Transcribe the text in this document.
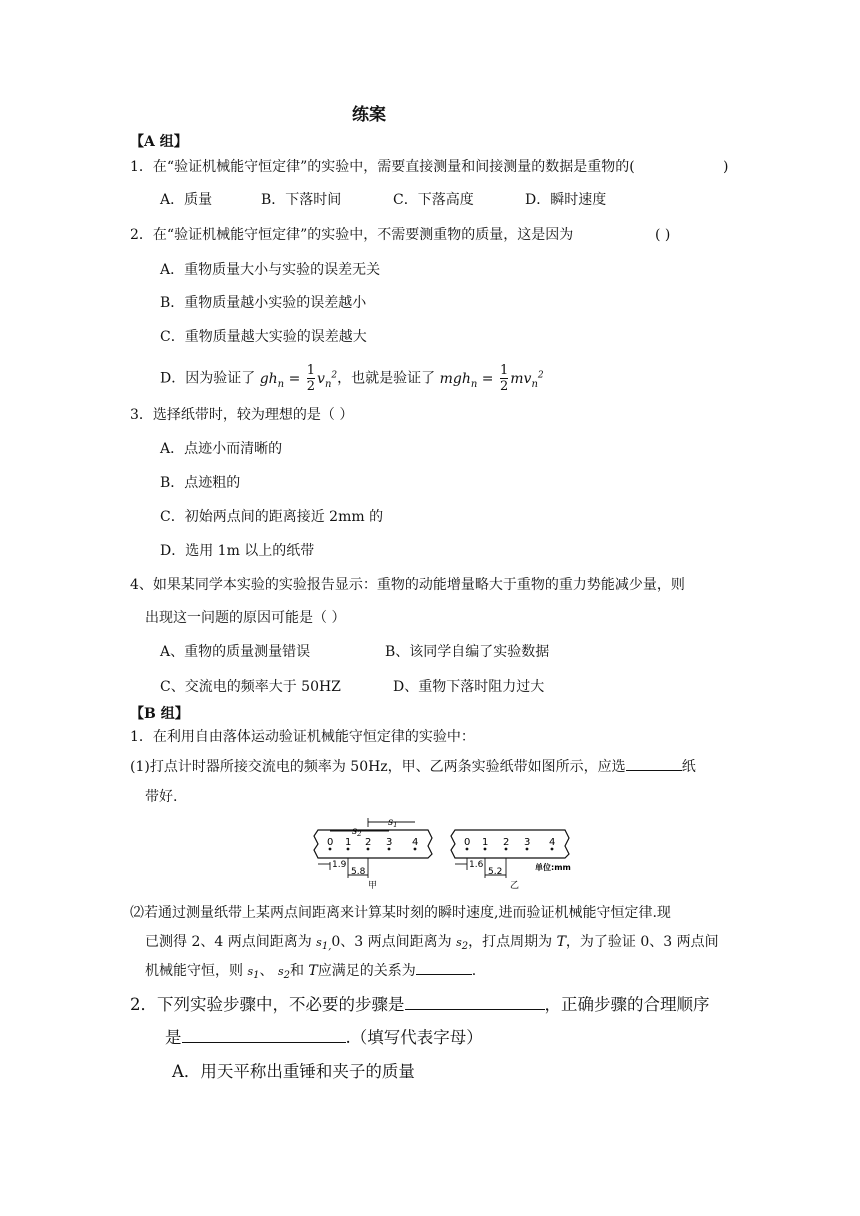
练案
【A 组】
1．在“验证机械能守恒定律”的实验中，需要直接测量和间接测量的数据是重物的(	)
A．质量	B．下落时间	C．下落高度	D．瞬时速度
2．在“验证机械能守恒定律”的实验中，不需要测重物的质量，这是因为	( )
A．重物质量大小与实验的误差无关
B．重物质量越小实验的误差越小
C．重物质量越大实验的误差越大
D．因为验证了 $gh_n = \frac{1}{2} v_n^2$，也就是验证了 $mgh_n = \frac{1}{2} mv_n^2$
3．选择纸带时，较为理想的是（ ）
A．点迹小而清晰的
B．点迹粗的
C．初始两点间的距离接近 2mm 的
D．选用 1m 以上的纸带
4、如果某同学本实验的实验报告显示：重物的动能增量略大于重物的重力势能减少量，则
出现这一问题的原因可能是（ ）
A、重物的质量测量错误	B、该同学自编了实验数据
C、交流电的频率大于 50HZ	D、重物下落时阻力过大
【B 组】
1．在利用自由落体运动验证机械能守恒定律的实验中：
(1)打点计时器所接交流电的频率为 50Hz，甲、乙两条实验纸带如图所示，应选	纸
带好.
0 1 2 3 4
$s_1$
$s_2$
1.9
5.8
甲
0 1 2 3 4
1.6
5.2	单位:mm
乙
⑵若通过测量纸带上某两点间距离来计算某时刻的瞬时速度,进而验证机械能守恒定律.现
已测得 2、4 两点间距离为 $s_{1,}0$、3 两点间距离为 $s_2$，打点周期为 T，为了验证 0、3 两点间
机械能守恒，则 $s_1$、 $s_2$和 T应满足的关系为	.
2．下列实验步骤中，不必要的步骤是	，正确步骤的合理顺序
是	.（填写代表字母）
A．用天平称出重锤和夹子的质量
